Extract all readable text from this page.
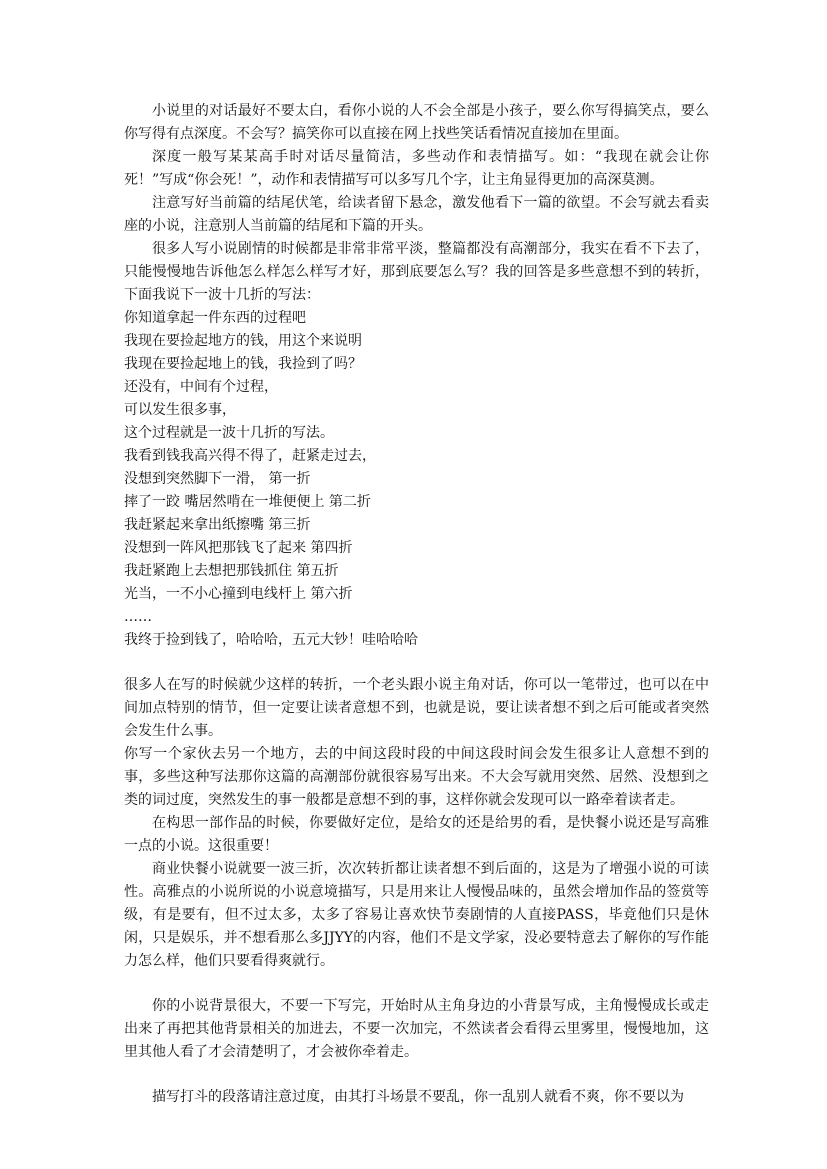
小说里的对话最好不要太白，看你小说的人不会全部是小孩子，要么你写得搞笑点，要么你写得有点深度。不会写？搞笑你可以直接在网上找些笑话看情况直接加在里面。

深度一般写某某高手时对话尽量简洁，多些动作和表情描写。如：“我现在就会让你死！”写成“你会死！”，动作和表情描写可以多写几个字，让主角显得更加的高深莫测。

注意写好当前篇的结尾伏笔，给读者留下悬念，激发他看下一篇的欲望。不会写就去看卖座的小说，注意别人当前篇的结尾和下篇的开头。

很多人写小说剧情的时候都是非常非常平淡，整篇都没有高潮部分，我实在看不下去了，只能慢慢地告诉他怎么样怎么样写才好，那到底要怎么写？我的回答是多些意想不到的转折，下面我说下一波十几折的写法：

你知道拿起一件东西的过程吧

我现在要捡起地方的钱，用这个来说明

我现在要捡起地上的钱，我捡到了吗？

还没有，中间有个过程，

可以发生很多事，

这个过程就是一波十几折的写法。

我看到钱我高兴得不得了，赶紧走过去，

没想到突然脚下一滑， 第一折

摔了一跤 嘴居然啃在一堆便便上 第二折

我赶紧起来拿出纸擦嘴 第三折

没想到一阵风把那钱飞了起来 第四折

我赶紧跑上去想把那钱抓住 第五折

光当，一不小心撞到电线杆上 第六折

……

我终于捡到钱了，哈哈哈，五元大钞！哇哈哈哈

很多人在写的时候就少这样的转折，一个老头跟小说主角对话，你可以一笔带过，也可以在中间加点特别的情节，但一定要让读者意想不到，也就是说，要让读者想不到之后可能或者突然会发生什么事。

你写一个家伙去另一个地方，去的中间这段时段的中间这段时间会发生很多让人意想不到的事，多些这种写法那你这篇的高潮部份就很容易写出来。不大会写就用突然、居然、没想到之类的词过度，突然发生的事一般都是意想不到的事，这样你就会发现可以一路牵着读者走。

在构思一部作品的时候，你要做好定位，是给女的还是给男的看，是快餐小说还是写高雅一点的小说。这很重要！

商业快餐小说就要一波三折，次次转折都让读者想不到后面的，这是为了增强小说的可读性。高雅点的小说所说的小说意境描写，只是用来让人慢慢品味的，虽然会增加作品的签赏等级，有是要有，但不过太多，太多了容易让喜欢快节奏剧情的人直接PASS，毕竟他们只是休闲，只是娱乐，并不想看那么多JJYY的内容，他们不是文学家，没必要特意去了解你的写作能力怎么样，他们只要看得爽就行。

你的小说背景很大，不要一下写完，开始时从主角身边的小背景写成，主角慢慢成长或走出来了再把其他背景相关的加进去，不要一次加完，不然读者会看得云里雾里，慢慢地加，这里其他人看了才会清楚明了，才会被你牵着走。

描写打斗的段落请注意过度，由其打斗场景不要乱，你一乱别人就看不爽，你不要以为
